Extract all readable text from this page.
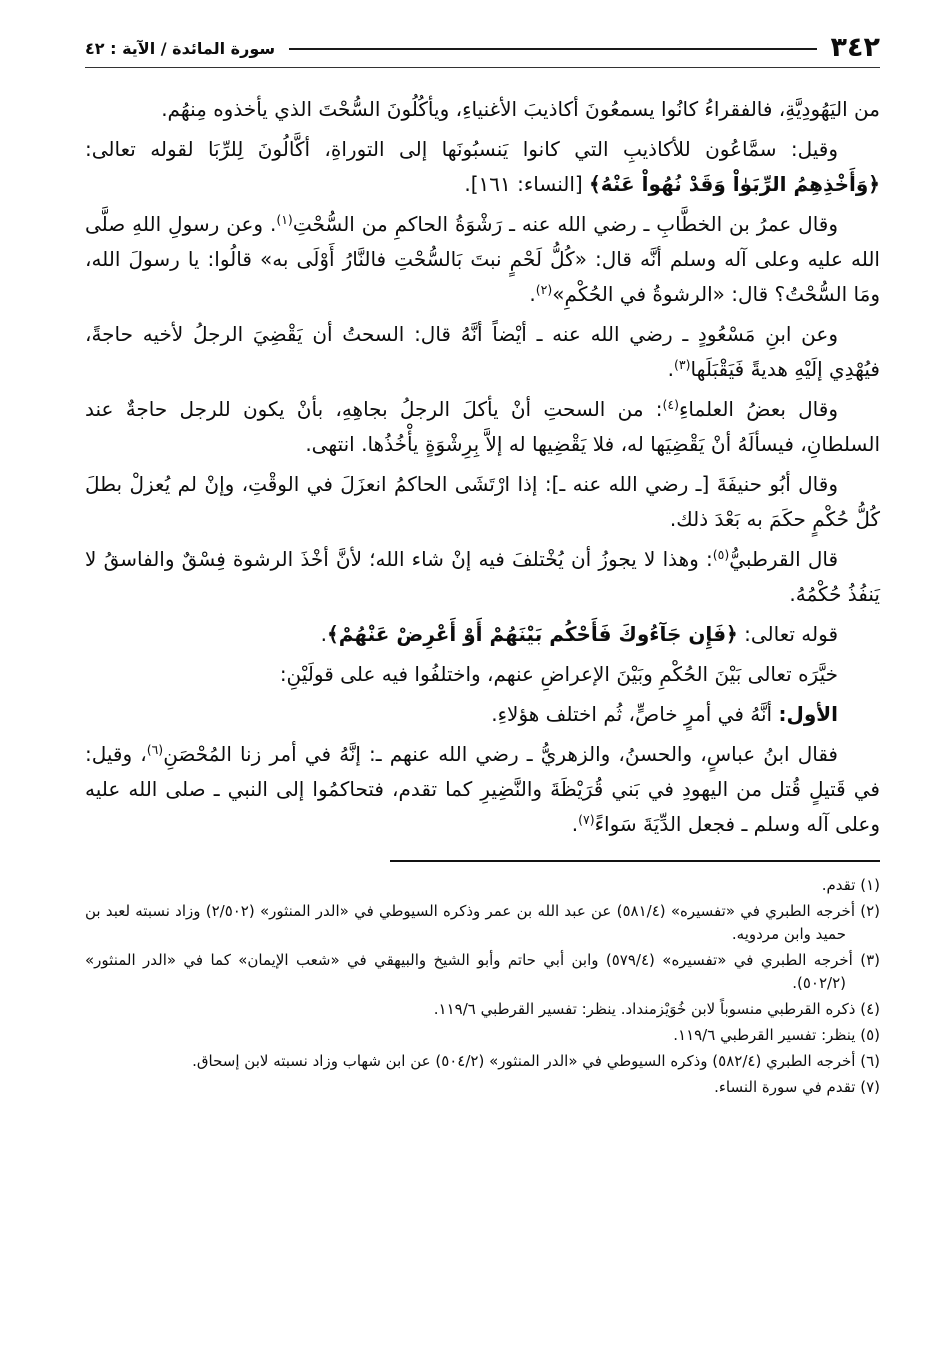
سورة المائدة / الآية : ٤٢	٣٤٢

من اليَهُودِيَّةِ، فالفقراءُ كانُوا يسمعُونَ أكاذيبَ الأغنياءِ، ويأكُلُونَ السُّحْتَ الذي يأخذوه مِنهُم.

وقيل: سمَّاعُون للأكاذيبِ التي كانوا يَنسبُونَها إلى التوراةِ، أكَّالُونَ لِلرِّبَا لقوله تعالى: ﴿وَأَخْذِهِمُ الرِّبَوٰاْ وَقَدْ نُهُواْ عَنْهُ﴾ [النساء: ١٦١].

وقال عمرُ بن الخطَّابِ ـ رضي الله عنه ـ رَشْوَةُ الحاكمِ من السُّحْتِ$^{(١)}$. وعن رسولِ اللهِ صلَّى الله عليه وعلى آله وسلم أنَّه قال: «كُلُّ لَحْمٍ نبتَ بَالسُّحْتِ فالنَّارُ أَوْلَى به» قالُوا: يا رسولَ الله، ومَا السُّحْتُ؟ قال: «الرشوةُ في الحُكْمِ»$^{(٢)}$.

وعن ابنِ مَسْعُودٍ ـ رضي الله عنه ـ أيْضاً أنَّهُ قال: السحتُ أن يَقْضِيَ الرجلُ لأخيه حاجةً، فيُهْدِي إلَيْهِ هديةً فَيَقْبَلَها$^{(٣)}$.

وقال بعضُ العلماءِ$^{(٤)}$: من السحتِ أنْ يأكلَ الرجلُ بجاهِهِ، بأنْ يكون للرجل حاجةٌ عند السلطانِ، فيسألَهُ أنْ يَقْضِيَها له، فلا يَقْضِيها له إلاَّ بِرِشْوَةٍ يأْخُذُها. انتهى.

وقال أبُو حنيفَةَ [ـ رضي الله عنه ـ]: إذا ارْتَشَى الحاكمُ انعزَلَ في الوقْتِ، وإنْ لم يُعزلْ بطلَ كُلُّ حُكْمٍ حكَمَ به بَعْدَ ذلك.

قال القرطبيُّ$^{(٥)}$: وهذا لا يجوزُ أن يُخْتلفَ فيه إنْ شاء الله؛ لأنَّ أخْذَ الرشوة فِسْقٌ والفاسقُ لا يَنفُذُ حُكْمُهُ.

قوله تعالى: ﴿فَإِن جَآءُوكَ فَأَحْكُم بَيْنَهُمْ أَوْ أَعْرِضْ عَنْهُمْ﴾.

خيَّرَه تعالى بَيْنَ الحُكْمِ وبَيْنَ الإعراضِ عنهم، واختلفُوا فيه على قولَيْنِ:

الأول: أنَّهُ في أمرٍ خاصٍّ، ثُم اختلف هؤلاءِ.

فقال ابنُ عباسٍ، والحسنُ، والزهريُّ ـ رضي الله عنهم ـ: إنَّهُ في أمر زنا المُحْصَنِ$^{(٦)}$، وقيل: في قَتيلٍ قُتل من اليهودِ في بَني قُرَيْظَةَ والنَّضِيرِ كما تقدم، فتحاكمُوا إلى النبي ـ صلى الله عليه وعلى آله وسلم ـ فجعل الدِّيَةَ سَواءً$^{(٧)}$.

(١) تقدم.
(٢) أخرجه الطبري في «تفسيره» (٥٨١/٤) عن عبد الله بن عمر وذكره السيوطي في «الدر المنثور» (٢/٥٠٢) وزاد نسبته لعبد بن حميد وابن مردويه.
(٣) أخرجه الطبري في «تفسيره» (٥٧٩/٤) وابن أبي حاتم وأبو الشيخ والبيهقي في «شعب الإيمان» كما في «الدر المنثور» (٥٠٢/٢).
(٤) ذكره القرطبي منسوباً لابن خُوَيْزمنداد. ينظر: تفسير القرطبي ١١٩/٦.
(٥) ينظر: تفسير القرطبي ١١٩/٦.
(٦) أخرجه الطبري (٥٨٢/٤) وذكره السيوطي في «الدر المنثور» (٥٠٤/٢) عن ابن شهاب وزاد نسبته لابن إسحاق.
(٧) تقدم في سورة النساء.
